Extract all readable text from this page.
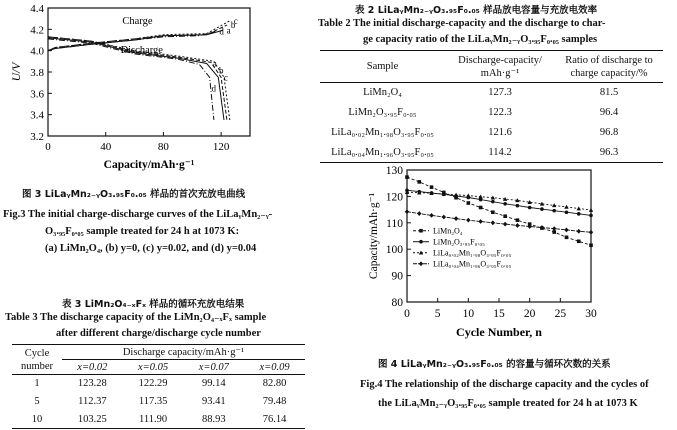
3.2
3.4
3.6
3.8
4.0
4.2
4.4
0	40	80	120
Capacity/mAh·g⁻¹
U/V
a
a
b
b
c
c
d
d
Charge
Discharge
图 3 LiLaᵧMn₂₋ᵧO₃.₉₅F₀.₀₅ 样品的首次充放电曲线
Fig.3 The initial charge-discharge curves of the LiLaᵧMn₂₋ᵧ-
O₃.₉₅F₀.₀₅ sample treated for 24 h at 1073 K:
(a) LiMn₂O₄, (b) y=0, (c) y=0.02, and (d) y=0.04
表 2 LiLaᵧMn₂₋ᵧO₃.₉₅F₀.₀₅ 样品放电容量与充放电效率
Table 2 The initial discharge-capacity and the discharge to char-
ge capacity ratio of the LiLaᵧMn₂₋ᵧO₃.₉₅F₀.₀₅ samples
Sample	Discharge-capacity/
mAh·g⁻¹	Ratio of discharge to
charge capacity/%
LiMn₂O₄	127.3	81.5
LiMn₂O₃.₉₅F₀.₀₅	122.3	96.4
LiLa₀.₀₂Mn₁.₉₈O₃.₉₅F₀.₀₅	121.6	96.8
LiLa₀.₀₄Mn₁.₉₆O₃.₉₅F₀.₀₅	114.2	96.3
表 3 LiMn₂O₄₋ₓFₓ 样品的循环充放电结果
Table 3 The discharge capacity of the LiMn₂O₄₋ₓFₓ sample
after different charge/discharge cycle number
Cycle
number	Discharge capacity/mAh·g⁻¹			
	x=0.02	x=0.05	x=0.07	x=0.09
1	123.28	122.29	99.14	82.80
5	112.37	117.35	93.41	79.48
10	103.25	111.90	88.93	76.14
80
90
100
110
120
130
0 5 10 15 20 25 30
Cycle Number, n
Capacity/mAh·g⁻¹	LiMn₂O₄
LiMn₂O₃.₉₅F₀.₀₅
LiLa₀.₀₂Mn₁.₉₈O₃.₉₅F₀.₀₅
LiLa₀.₀₄Mn₁.₉₆O₃.₉₅F₀.₀₅
图 4 LiLaᵧMn₂₋ᵧO₃.₉₅F₀.₀₅ 的容量与循环次数的关系
Fig.4 The relationship of the discharge capacity and the cycles of
the LiLaᵧMn₂₋ᵧO₃.₉₅F₀.₀₅ sample treated for 24 h at 1073 K
